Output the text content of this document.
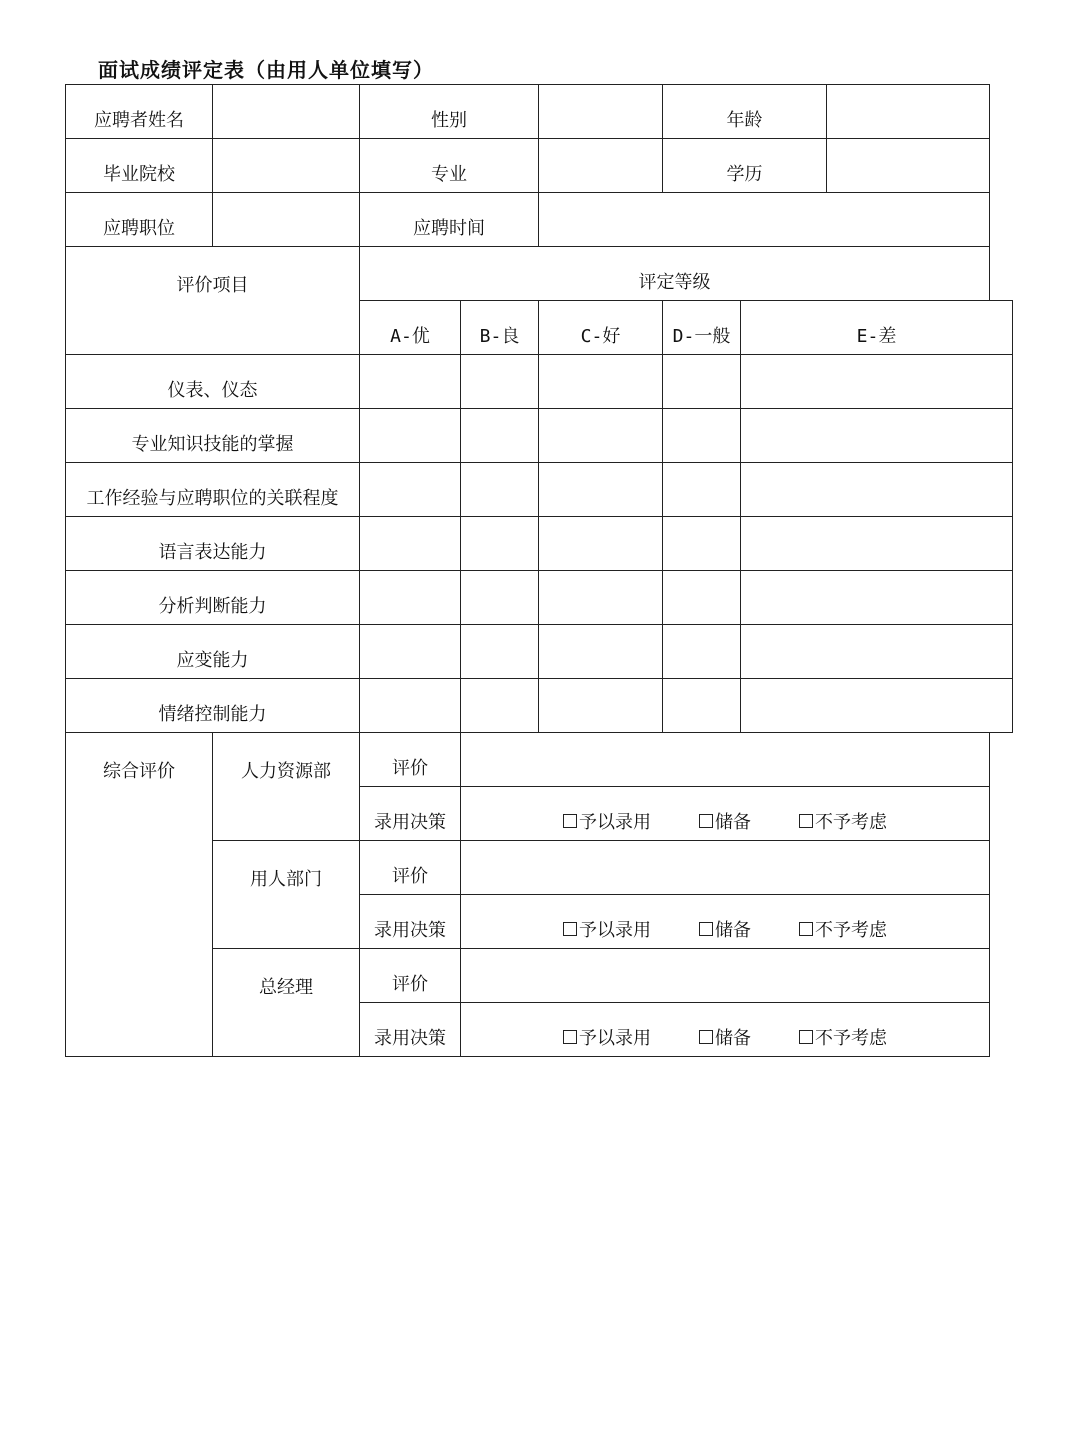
面试成绩评定表（由用人单位填写）
应聘者姓名		性别			年龄		
毕业院校		专业			学历		
应聘职位		应聘时间					
评价项目		评定等级					
		A-优	B-良	C-好	D-一般	E-差	
仪表、仪态							
专业知识技能的掌握							
工作经验与应聘职位的关联程度							
语言表达能力							
分析判断能力							
应变能力							
情绪控制能力							
综合评价	人力资源部	评价					
		录用决策	予以录用 储备 不予考虑				

	用人部门	评价					
		录用决策	予以录用 储备 不予考虑				

	总经理	评价					
		录用决策	予以录用 储备 不予考虑				
